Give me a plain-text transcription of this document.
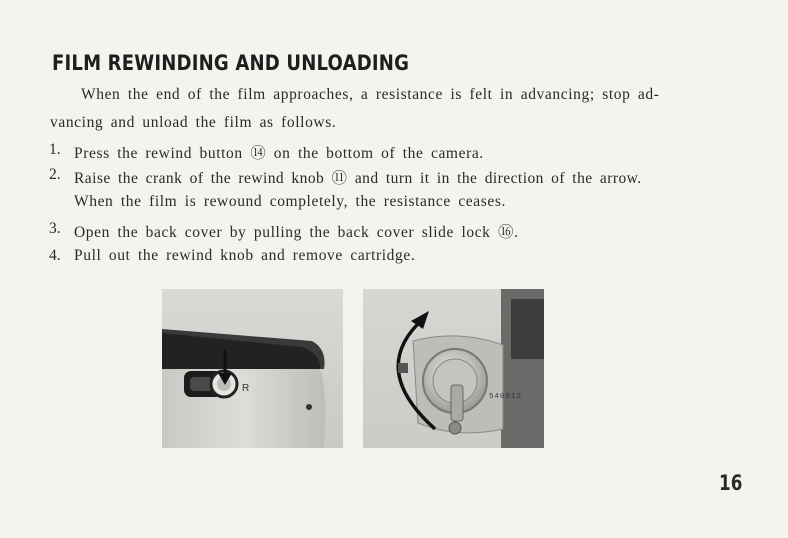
FILM REWINDING AND UNLOADING
When the end of the film approaches, a resistance is felt in advancing; stop ad-
vancing and unload the film as follows.
1. Press the rewind button ⑭ on the bottom of the camera.
2. Raise the crank of the rewind knob ⑪ and turn it in the direction of the arrow.
When the film is rewound completely, the resistance ceases.
3. Open the back cover by pulling the back cover slide lock ⑯.
4. Pull out the rewind knob and remove cartridge.
R
540812
16
